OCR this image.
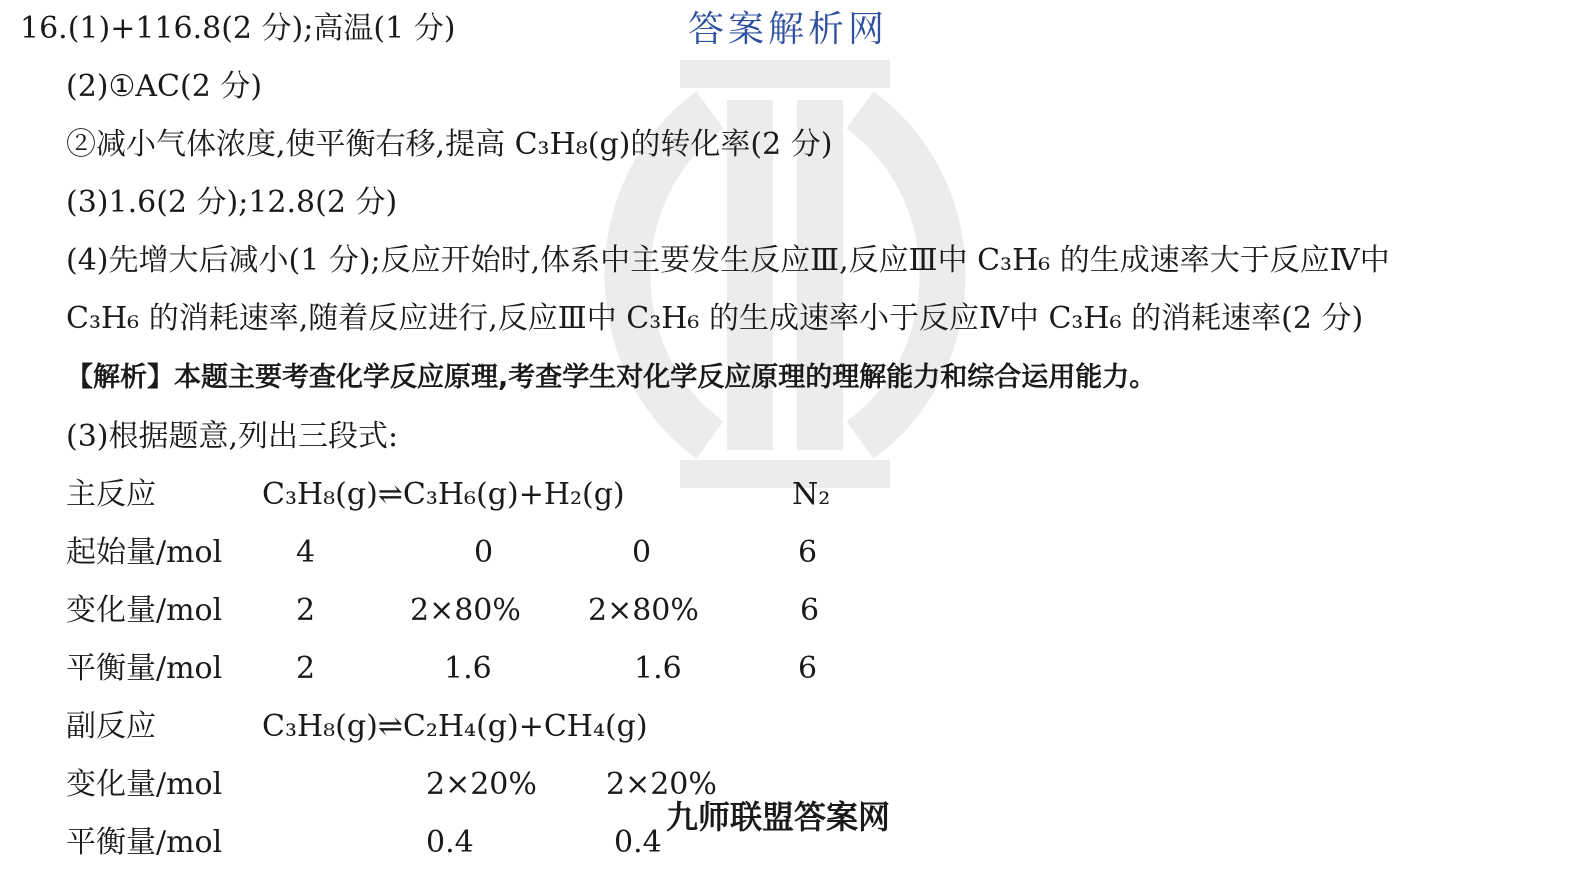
答案解析网
16.(1)+116.8(2 分);高温(1 分)
(2)①AC(2 分)
②减小气体浓度,使平衡右移,提高 C₃H₈(g)的转化率(2 分)
(3)1.6(2 分);12.8(2 分)
(4)先增大后减小(1 分);反应开始时,体系中主要发生反应Ⅲ,反应Ⅲ中 C₃H₆ 的生成速率大于反应Ⅳ中
C₃H₆ 的消耗速率,随着反应进行,反应Ⅲ中 C₃H₆ 的生成速率小于反应Ⅳ中 C₃H₆ 的消耗速率(2 分)
【解析】本题主要考查化学反应原理,考查学生对化学反应原理的理解能力和综合运用能力。
(3)根据题意,列出三段式:
主反应	C₃H₈(g)⇌C₃H₆(g)+H₂(g)	N₂
起始量/mol 4	0	0	6
变化量/mol 2	2×80% 2×80%	6
平衡量/mol 2	1.6	1.6	6
副反应	C₃H₈(g)⇌C₂H₄(g)+CH₄(g)
变化量/mol	2×20% 2×20%
平衡量/mol	0.4	0.4
九师联盟答案网
